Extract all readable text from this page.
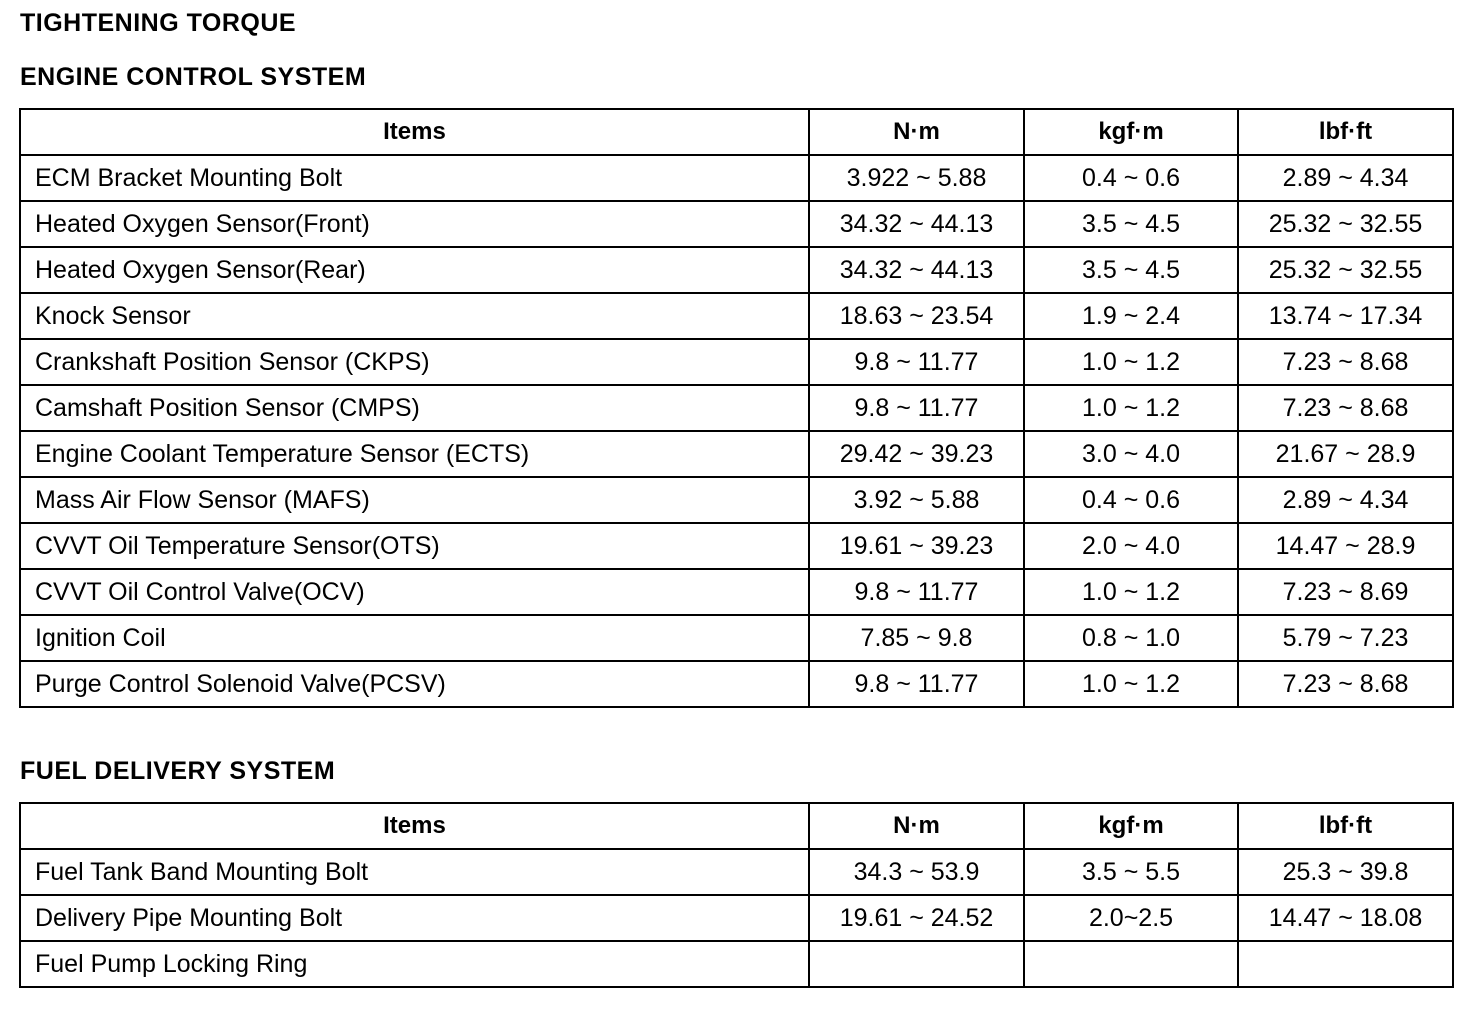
TIGHTENING TORQUE
ENGINE CONTROL SYSTEM
Items	N·m	kgf·m	lbf·ft
ECM Bracket Mounting Bolt	3.922 ~ 5.88	0.4 ~ 0.6	2.89 ~ 4.34
Heated Oxygen Sensor(Front)	34.32 ~ 44.13	3.5 ~ 4.5	25.32 ~ 32.55
Heated Oxygen Sensor(Rear)	34.32 ~ 44.13	3.5 ~ 4.5	25.32 ~ 32.55
Knock Sensor	18.63 ~ 23.54	1.9 ~ 2.4	13.74 ~ 17.34
Crankshaft Position Sensor (CKPS)	9.8 ~ 11.77	1.0 ~ 1.2	7.23 ~ 8.68
Camshaft Position Sensor (CMPS)	9.8 ~ 11.77	1.0 ~ 1.2	7.23 ~ 8.68
Engine Coolant Temperature Sensor (ECTS)	29.42 ~ 39.23	3.0 ~ 4.0	21.67 ~ 28.9
Mass Air Flow Sensor (MAFS)	3.92 ~ 5.88	0.4 ~ 0.6	2.89 ~ 4.34
CVVT Oil Temperature Sensor(OTS)	19.61 ~ 39.23	2.0 ~ 4.0	14.47 ~ 28.9
CVVT Oil Control Valve(OCV)	9.8 ~ 11.77	1.0 ~ 1.2	7.23 ~ 8.69
Ignition Coil	7.85 ~ 9.8	0.8 ~ 1.0	5.79 ~ 7.23
Purge Control Solenoid Valve(PCSV)	9.8 ~ 11.77	1.0 ~ 1.2	7.23 ~ 8.68
FUEL DELIVERY SYSTEM
Items	N·m	kgf·m	lbf·ft
Fuel Tank Band Mounting Bolt	34.3 ~ 53.9	3.5 ~ 5.5	25.3 ~ 39.8
Delivery Pipe Mounting Bolt	19.61 ~ 24.52	2.0~2.5	14.47 ~ 18.08
Fuel Pump Locking Ring			
